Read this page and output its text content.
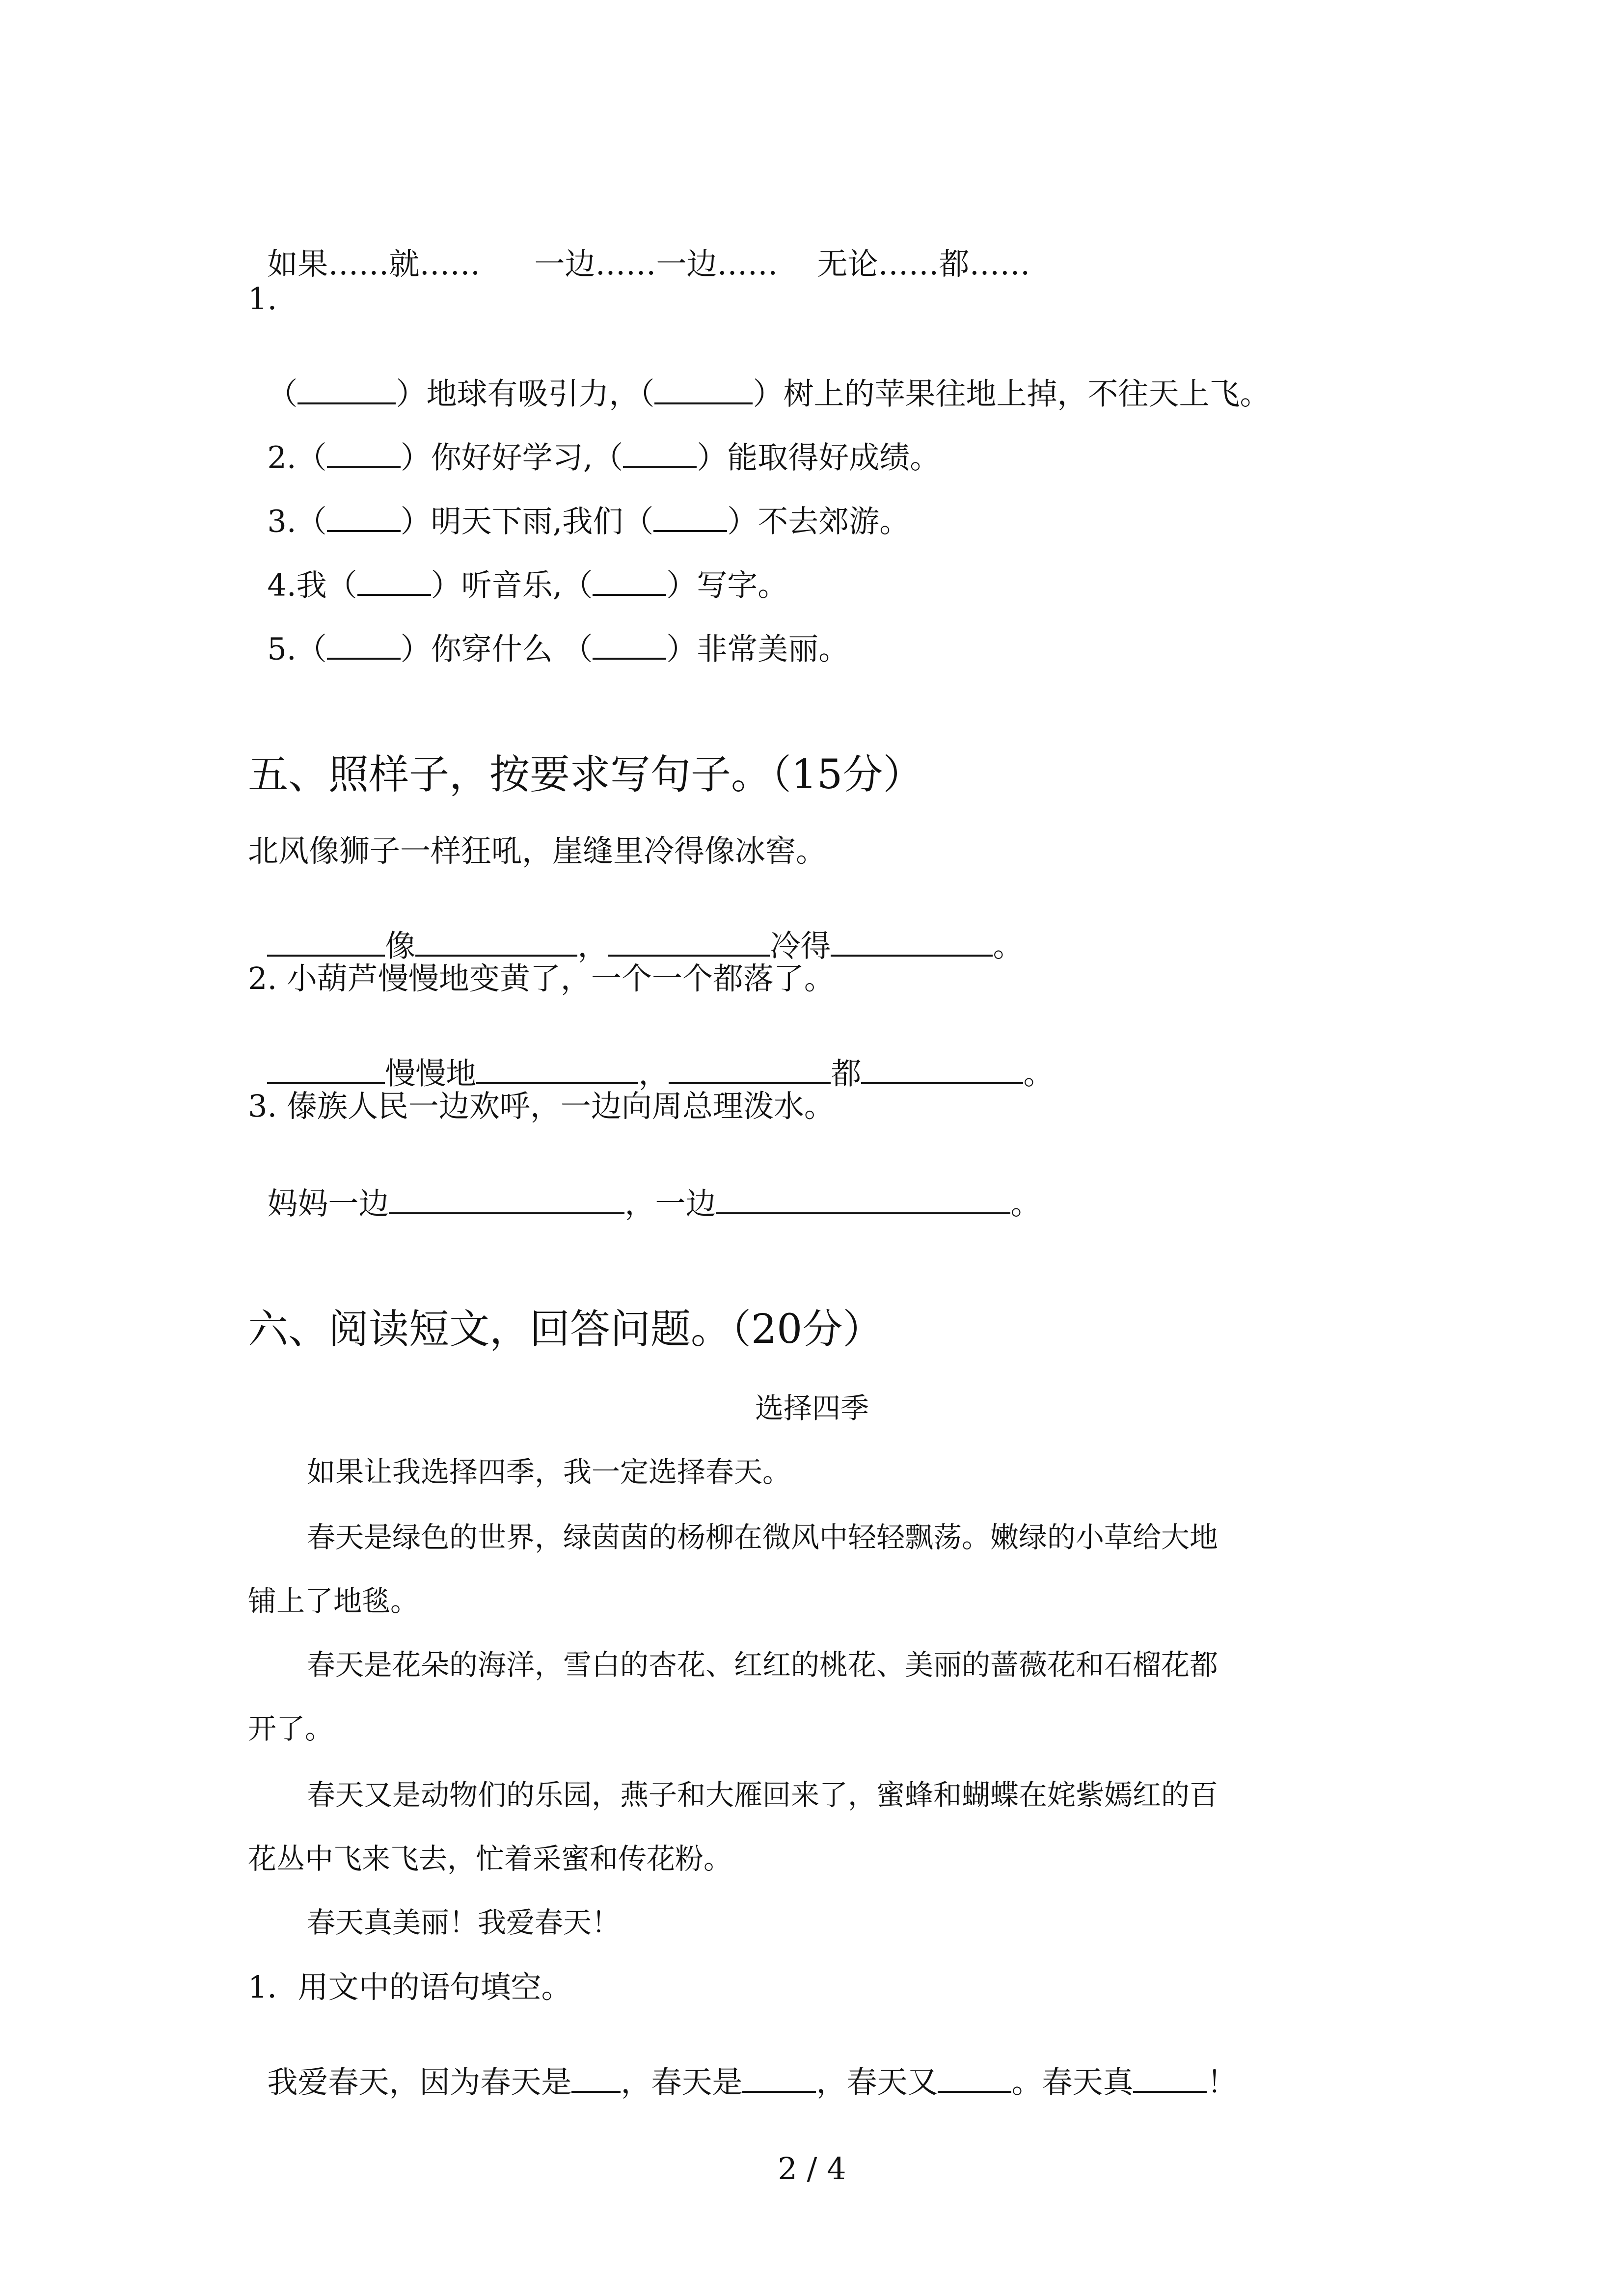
如果……就…… 一边……一边…… 无论……都……

1.

（	）地球有吸引力，（	）树上的苹果往地上掉，不往天上飞。

2.（ ）你好好学习,（ ）能取得好成绩。

3.（ ）明天下雨,我们（ ）不去郊游。

4.我（ ）听音乐,（ ）写字。

5.（ ）你穿什么 （ ）非常美丽。

五、照样子，按要求写句子。（15分）
北风像狮子一样狂吼，崖缝里冷得像冰窖。

像	，	冷得	。

2. 小葫芦慢慢地变黄了，一个一个都落了。

慢慢地	，	都	。

3. 傣族人民一边欢呼，一边向周总理泼水。

妈妈一边	，一边	。

六、阅读短文，回答问题。（20分）
选择四季
如果让我选择四季，我一定选择春天。
春天是绿色的世界，绿茵茵的杨柳在微风中轻轻飘荡。嫩绿的小草给大地
铺上了地毯。
春天是花朵的海洋，雪白的杏花、红红的桃花、美丽的蔷薇花和石榴花都
开了。
春天又是动物们的乐园，燕子和大雁回来了，蜜蜂和蝴蝶在姹紫嫣红的百
花丛中飞来飞去，忙着采蜜和传花粉。
春天真美丽！我爱春天！
1．用文中的语句填空。

我爱春天，因为春天是 ，春天是 ，春天又 。春天真 ！

2 / 4
